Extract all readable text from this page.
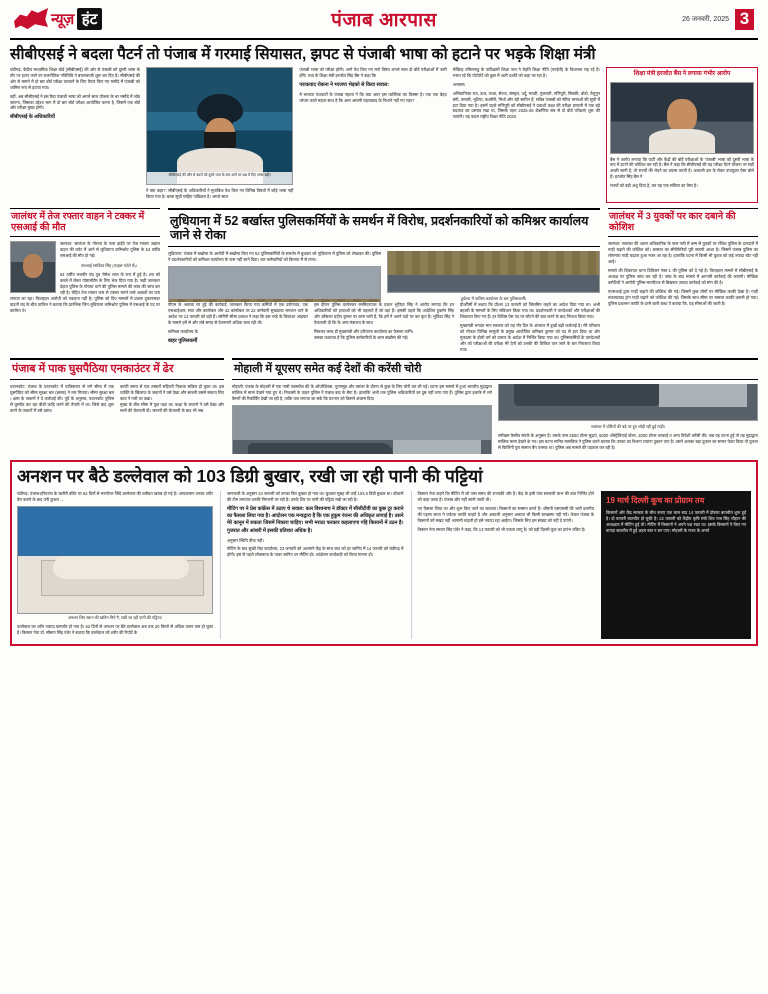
न्यूज़ हंट	पंजाब आरपास	26 जनवरी, 2025 3
सीबीएसई ने बदला पैटर्न तो पंजाब में गरमाई सियासत, झपट से पंजाबी भाषा को हटाने पर भड़के शिक्षा मंत्री

चंडीगढ़: केंद्रीय माध्यमिक शिक्षा बोर्ड (सीबीएसई) की ओर से पंजाबी को दूसरी भाषा के तौर पर हटाए जाने पर राजनीतिक गतिविधि ने बयानबाजी शुरू कर दिए है। सीबीएसई की ओर से मामने में दो बार बोर्ड परीक्षा करवाने के लिए तैयार किए गए मसौदे में पंजाबी को शामिल रूप से हटाया गया।

वहीं, अब सीबीएसई ने इस रिहा पंजाबी भाषा को अगले साल योजना के चर मसौदे में जोड़ जाएगा, जिसका उद्देश्य भाग में दो बार बोर्ड परीक्षा आयोजित करना है, जिसमें एक बोर्ड और परीक्षा मुख्य होगी।

सीबीएसई के अधिकारियों

सीबीएसई की और से बदले को दूसरे भाव के सार आने पर प्रश्न में दिए भाषा बहीं।

ने क्या कहा?: सीबीएसई के अधिकारियों ने मुताबिक पेश किए गए विभिन्न विषयों में कोई भाषा नहीं किया गया है। बल्क सूची चाहिए पाठिक्रम है। अगले साल

पंजाबी भाषा को परीक्षा होगी। आगे पेश किए गए मनो विषय अगले साल दो बोर्ड परीक्षाओं में जारी होंगे। तथ्य के शिक्षा मंत्री हरजोत सिंह बैंस ने कहा कि

पराकवाद रोकना ने भाजपा भेड़को से किया सवाल:

मे भाजपा पंथकारों के पंजाब नहाता ने कि क्या अपर इस व्यक्तिक का किस्सा है। एक एक बेहद परंपरा काले महाल साथ है कि आम आपमी राहयाबाद के निशाने नहीं गए लड़ा?

लेखिन्द्र तमिलनाडु के पाठिक्रमों शिक्षा नाम ने रोहति शिक्षा नीति (एनईपी) के विधानक राह रहे हैं। भारत रहे कि पोर्टपोर्ट को कुछ में आरी दर्शाते को कहा जा रहा है।

अभ्यास।

अभियानिक्त राव, उत्त्र, तथ्या, सेरथा, संस्कृत, उर्दू, मराठी, गुजराती, मणिपुरी, सिक्की, बोडो, तेलुगुन बंगी, तमाली, भूटिया, कश्मीरी, मिथो और रही सापिन हैं, सवित्र पंजाबी को सेरिय भाषाओं की सूची में हटा दिया गया है। इसमें पहले मणिपुरी को सीबीएसई ने प्रवाशों कक्षा की परीक्षा प्रणाली में एक बड़े बदलाव का प्रस्ताव रखा था, जिसके तहत 2025-26 शैक्षणिक सत्र से दो बोर्ड परीक्षाएं शुरू की जाएंगी। यह कदम राष्ट्रीय शिक्षा नीति 2020

शिक्षा मंत्री हरजोत बैंस ने लगाया गंभीर आरोप

बैंस ने आरोप लगाया कि पार्टी और केंद्रों की बोर्डे परीक्षाओं के 'पंजाबी' भाषा को दूसरी भाषा के रूप में हटाने की कोशिश कर रही है। बैंस ने कहा कि सीबीएसई की यह परीक्षा पैटर्न योजना तर सही अच्छी जानी है, तो राज्यों की भेदने का प्रयास करती है। अकाली दल के लेकर उपायुक्त ऐसा बोले हैं। हरजोत सिंह बैंस ने

राज्यों को बड़ी अंशु दिया है, कर यह एक सलिता का वैस्त है।

जालंधर में तेज रफ्तार वाहन ने टक्कर में एसआई की मौत

जालंधर: जालंधर के गोराया के पास हाईवे पर तेज रफ्तार अज्ञात वाहन की चपेट में आने से लुधियाना कमिश्नरेट पुलिस के 54 वर्षीय एसआई की मौत हो गई।

एसआई रसविंदर सिंह (फाइल फोटो में)।

54 वर्षीय भलवीर चंद पुत्र रोमेश लाल के रूप में हुई है। शव को कब्जे में लेकर पोस्टमॉर्टम के लिए भेज दिया गया है। जहीं जानकार देहात पुलिस के गोराया थाने की पुलिस मामले की जांच की जांच कर रही है। रोहित तेज रफ्तार कार से टक्कर मारने वाले अज्ञातों का पता लगाया जा रहा। फिलहाल आरोपी को पकड़ना नहीं है। पुलिस को दिए मामलों में प्रवास दुकानसदर वाहनों चंद के बीच ठाकिन ने बताया कि प्रारंभिक जिन लुधियाना कमिश्नरेट पुलिस में एसआई के पद पर कार्यरत थे।

लुधियाना में 52 बर्खास्त पुलिसकर्मियों के समर्थन में विरोध, प्रदर्शनकारियों को कमिश्नर कार्यालय जाने से रोका

लुधियाना: पंजाब में बर्खास्त के आरोपी में बर्खास्त किए गए 52 पुलिसकर्मियों के समर्थन में बुधवार को लुधियाना में पुलिस को शेखावत की। पुलिस ने प्रदर्शनकारियों को कमिश्नर कार्यालय के पास नहीं जाने दिया। चार कर्मचारियों को किराया मैं से ताना।

दुर्घटना में पालिस कार्यालय के बार पुलिसकर्मी।

पीएम के अलावा घर हुई की कार्रवाई: जानकार किया गया कर्मियों में एक दरोगावत, एक एसआईआर, सात और कांस्टेबल और 42 कांस्टेबल पर 22 कर्मचारी सुखदाया भगवान थाने के आदेश पर 13 फरवरी को वही हैं। जोरीगी सीमा प्रकाश ने कहा कि इस तरहे के चिकाशा आइयार के मामले हमें से और लंबे समय से वेतनमाने अधिक चला रही थी।

कमिश्नर कार्यालय के

बाहर पुलिसकर्मी

इस दौरान पुलिस वालेनकर रसमिंदरपाल के प्रधान भुपिंदर सिंह ने आरोप लगाया कि इन अधिकारियों को हत्याओं को भी पहलाते हैं जो वहां हैं। इसकी पहले कि आदेशित हुकमेर सिंह और कौंसलर प्रदीप कुमार पर काम चारी हैं, कि हमें ने अपने पदों पर कर कृत हैं। भूपिंदर सिंह ने पेराताली दी कि के अन्य मंत्रालय के साथ

मिलकर जल्द ही मुख्यमंत्री और हरियाणा कार्यालय का फैसला करेंगे।

उसका कथावत है कि पुलिस कर्मचारियों के काम बर्खास्त की गई।

प्रीओीमीं में बधाय कि प्रीशन 13 फरवरी को जिलमिन कहने का आदेश दिया गया था। अभी बहाली के मामलों के लिए संविधान किया गया था। प्रदर्शनकारी ने पारदेशकों और परीक्षाओं की शिकायत किए गए हैं। हर विशिष्ट पेस पद पर लौटने की बात करने के बाद निराशा किया गया।

मुख्यमंत्री भगवंत मान सरकार को यह नौर दिन के अंतराल में दुखों बढ़ी कार्रवाई है। मेरे परिवारा को गोकल विभिन्न मामूलों के प्रमुख आयोजित कमिश्नर कुमार को पद से हटा दिया था और मुकदमा के होली वर्ग को प्रारूप के आदेश में निर्भित किया गया था। पुलिसकर्मियों के पारदेशकों और को परीक्षाओं की परीक्षा मेरे देनों को उनकी की शिकित पान जाने के बार निरालता किया गया।

जालंधर में 3 युवकों पर कार दबाने की कोशिश

जालंधर: जालंधर की अलग अधिकारिक के पास गली में धम्म से युवकों पर रंजिश पुलिस के दानदारों में गाड़ी चढ़ाने की कोशिश को। बरसात का सीरीफेरियों पूरी सत्यरी आशा है। जिसमें पंजाब पुलिस का लोगमारा गाड़ी चढ़ाता हुआ नजर आ रहा है। हालांकि घटना में किसी भी युवक को कई ज्यादा चोट नहीं आई।

मामले की शिकायत थाना दिविजन नंबर-1 की पुलिस को दे गई है। फिलहाल मामले में सीबीएसई के अध्यक्ष पर पुलिस जांच कर रही है। जांच के बाद मामले में आगामी कार्रवाई की जाएगी। मौखिक कमेटियों ने आरोपी पुलिस मारपीटक से बिखराव ज़्यादा कार्रवाई को मांग की है।

एएसआई द्वारा गाड़ी चढ़ाने की कोशिश की गई। जिसमें कुछ लोगों पर मौखिक काफी देखा है। गाड़ी रुकायाबाद ट्रांग गाड़ी चढ़ाने को कोशिश की गई। जिसके साथ सीमा पर मामला काफी ज़रूरी हो गया। पुलिस प्रशासन काफी के दरमे कारी बाधा पे बताया कि, यह सीमाओं की जाती है।

पंजाब में पाक घुसपैठिया एनकाउंटर में ढेर

पठानकोट: पंजाब के पठानकोट में पाकिस्तान से लगे सीमा में एक घुसपैठिए को सीमा सुरक्षा बल (बसफ) ने मार गिराया। सीमा सुरक्षा बल । क्षमा के जवानों ने दे कार्रवाई की। पूर्वे के अनुसार, पठानकोट पुलिस से घुसपैठ कर रहा बीडी जाहि करने की तैयारी में था। जिसे बाद शुरू करने के जवानों में उसे दस्ता।

काफी समय से एक तस्करों सहिपरी निकला सक्रिय हो चुका था। इस व्यक्ति के खिलाफ के जवानों ने उसे देखा और साबनी उससे सकता लिए काठ ने गली पर दखा।

मुख्य के बीच सीमा में पुछ पक्षा था। कक्षा के जवानों ने उसे देखा और सभी की चेतावनी दी। जवानों की चेतावनी के बाद भी जब

मोहाली में यूएसए समेत कई देशों की करेंसी चोरी

मोहाली: पंजाब के मोहाली में एक नामी एक्सचेंज की के ऑपरेशिक्स, पूरणसूत्र और वसंतर के दौरान से कुछ के लिए चोरी कर ली गई। घटना इस मामले में हुआ भारतीय मुद्राद्वारा मालिक में मामा देखने गया हुए थे। निकासी के वाहन पुलिस ने पंजाब बाद के बैगा है। हालांकि अभी तक पुलिस अधिकारियों का दुष्ठ नहीं लगा पाए हैं। पुलिस द्वारा इलाके में लगे कैमरों की रिकॉर्डिंग देखी जा रही है, ताकि पता लगाया जा सके कि घटनाए को किसने अंजाम दिया

जालंधर में चोरियों की बड़े पर हुए लोड़ी रही हुई गाड़ी।

सरीखम कैसीव संपर्क के अनुसार है। उसके पास 2500 डॉलर मुद्राएं, 5000 ऑस्ट्रेलियाई डॉलर, 2000 डॉलर काकाई व अन्य विदेशी करेंसी की। जब यह घटना हुई तो वह मुद्राद्वारा मालिक मामा देखने के गए। इस घटना मानित मामलिक ने पुलिस करने बताया कि उनका का विभाग रायाना दुकान पाए है। उसने अलका बड़ा दुकान का समान फेला किया तो दुकान से फिजिंगी पुरा सामान बैंग परमक था। पुलिस अब मामले की पड़ताल कर रही है।

अनशन पर बैठे डल्लेवाल को 103 डिग्री बुखार, रखी जा रही पानी की पट्टियां

चंडीगढ़: पंजाब-हरियाणा के खनौरी बॉर्डर पर 62 दिनों से मरणोत्तर जिंदे डल्लेवाल की तबीयत खराब हो गई है। आयकमान उनका शरीर डेरा बताने के बाद उनी कुशल ...

अनशन लिए स्थान की खतिन मिने गै, रखी जा रही पानी की पट्टियां।

डल्लेवाल का शरीर ज्यादा कमजोर हो गया है। 62 दिनों से अनशन पर बैठे डल्लेवाल अब तक 20 किलो से अधिक वजन कम हो चुका है। किसान नेता डॉ. स्वैमान सिंह पंधेर ने बताया कि डल्लेवाल को शरीर की रिपोर्ट के

जानकारी के अनुसार 23 जनवरी को उनका फिर बुखार हो गया था। बुधवार सुबह भी उन्हें 103.6 डिग्री बुखार था। डॉक्टरों की टीम लगातार उनकी निगरानी पर रही है। उनके शिर पर पानी की पट्टियां रखी जा रही है।

मीटिंग पर ने प्रेस कांफ्रेंस में उठाए थे सवाल: कल विश्वनाथ ने डॉक्टर में सीसीटीवी का कुछ टूर कराने का फैसला लिया गया है। आंदोलन एक मन्त्रद्वारा है कि एक हुकुम रंजना की अधिकृत लागाई है। उसने मेरे कानून में सकता जिसमें निकारा चाहिए। सभी मराठा फरकार कहलाएगा गहि किसानों में उठन है। गुजरात और आंशरी में इसकी प्रतिशत अधिक है।

अनुसार स्थिति ठीक नहीं।

मीटिंग के बाद सुखी रोड़ा कार्यालय, 23 जनवरी को अशमाने केंद्र के साथ बात को हर जानिए में 14 फरवरी को चंडीगढ़ में होगी। इस से पहले लोकमाता के पावर जानिए थर मीटिंग हो। आंदोलन कार्यवाही को किया मानना हो।

किसान नेता कहने कि मीटिंग में जो पास समय की राज्यकी और है। केंद्र के इसी पांच सरकारी लाभ की बात निर्भित होने को कहा जाता है। पंजाब और नहीं जानी जाती थी।

नए फैसला लिया जा और शुरू किए जाने का बतलता। किसानों का सम्मान करते हैं। श्रीमती एसएमसी की भारी दलगीय की पहला जाता ने पर्यटक काफी चाहते है और अकाली अनुसार अलावा भी किसी बरखास्त नही गये। केवल पंजाब के किसानों को मखद नहीं आगामी चाहती हो हमे ज्यादा रहा आईगा। जिसके लिए हम संख्या को नहीं दे पाएंगे।

किसान नेता सरवन सिंह पंधेर ने कहा, कि 13 फरवरी को भी एकता लागू है। जो वही दिल्ली कूच का प्रारंभ उचित है।

19 मार्च दिल्ली कूच का प्रोग्राम तय

किसानों और केंद्र सरकार के बीच बनाए एक चाल बाद 14 फरवरी में दोबारा बातचीत शुरू हुई है। दो फरवरी बातचीत हो चुकी है। 22 फरवरी को केंद्रीय कृषि मंत्री शिव राज सिंह चौहान की अध्यक्षता में मीटिंग हुई थी। मीटिंग में किसानों ने अपने पक्ष रखा था। इसके किसानों ने किए गए वायदा बातचीत में हुई अहम बात न बन पाए। मोहाली के राज्य के अगले
